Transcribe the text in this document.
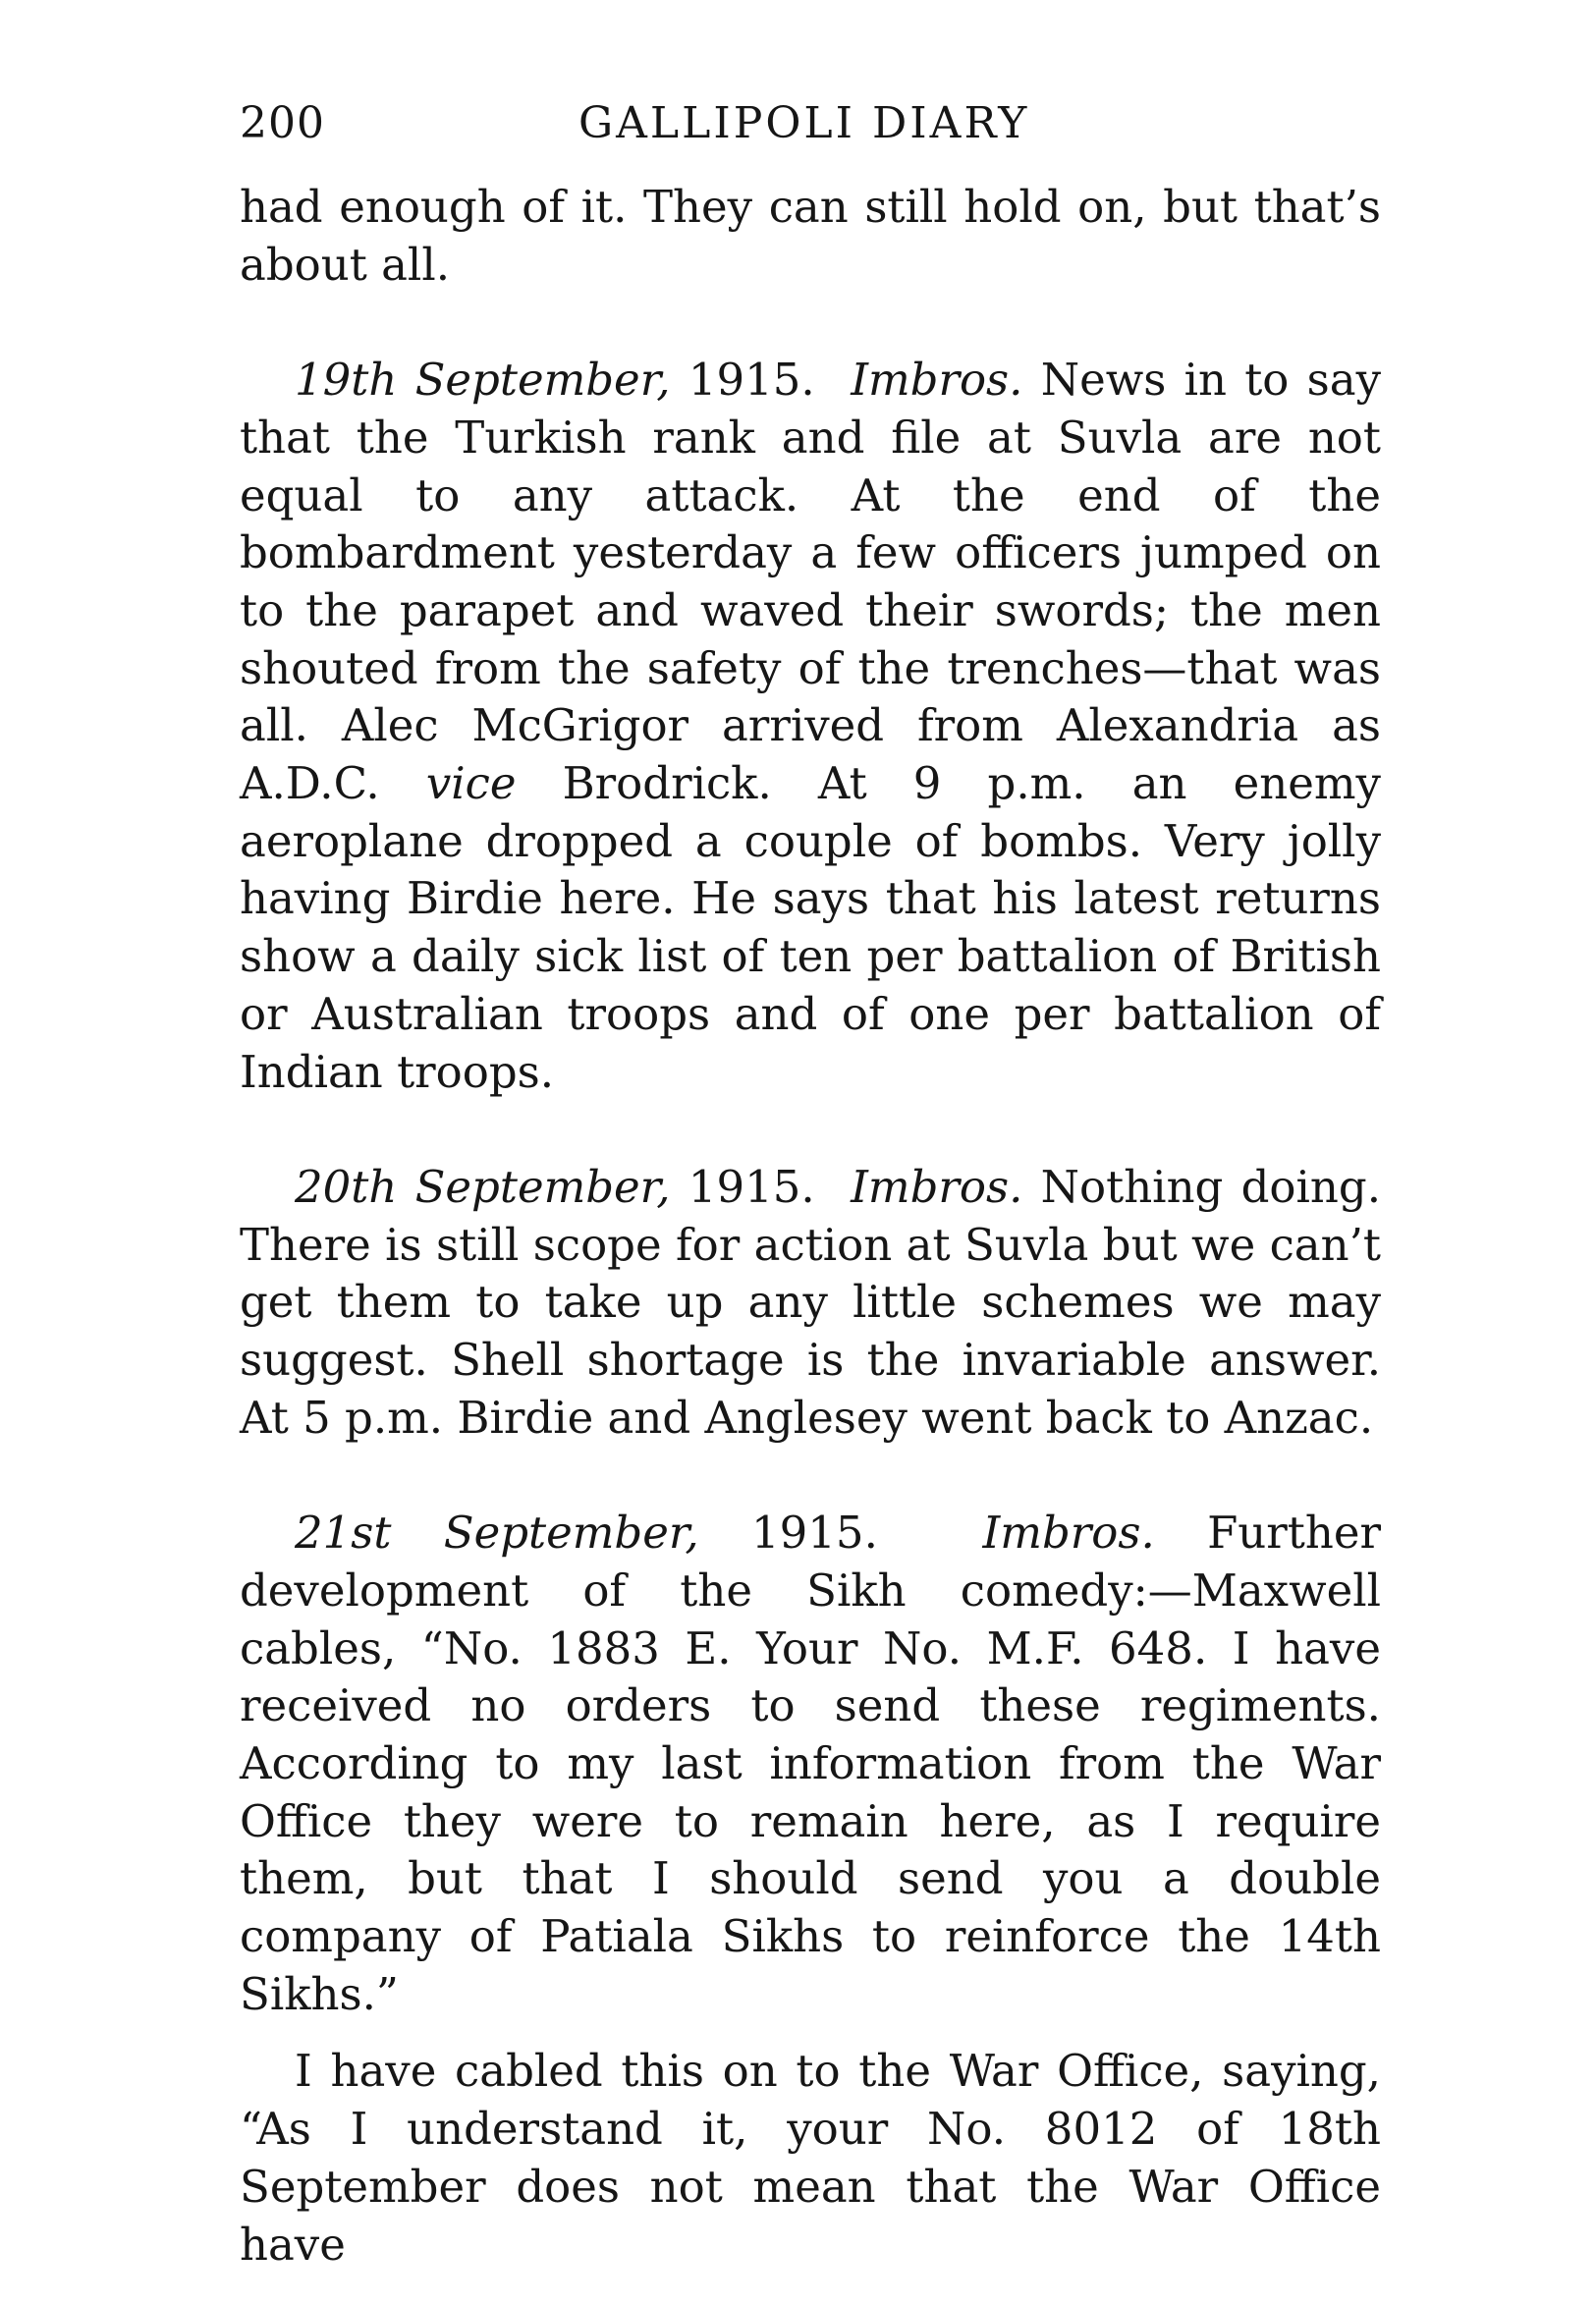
200	GALLIPOLI DIARY

had enough of it. They can still hold on, but that’s about all.

19th September, 1915. Imbros. News in to say that the Turkish rank and file at Suvla are not equal to any attack. At the end of the bombardment yesterday a few officers jumped on to the parapet and waved their swords; the men shouted from the safety of the trenches—that was all. Alec McGrigor arrived from Alexandria as A.D.C. vice Brodrick. At 9 p.m. an enemy aeroplane dropped a couple of bombs. Very jolly having Birdie here. He says that his latest returns show a daily sick list of ten per battalion of British or Australian troops and of one per battalion of Indian troops.

20th September, 1915. Imbros. Nothing doing. There is still scope for action at Suvla but we can’t get them to take up any little schemes we may suggest. Shell shortage is the invariable answer. At 5 p.m. Birdie and Anglesey went back to Anzac.

21st September, 1915. Imbros. Further development of the Sikh comedy:—Maxwell cables, “No. 1883 E. Your No. M.F. 648. I have received no orders to send these regiments. According to my last information from the War Office they were to remain here, as I require them, but that I should send you a double company of Patiala Sikhs to reinforce the 14th Sikhs.”

I have cabled this on to the War Office, saying, “As I understand it, your No. 8012 of 18th September does not mean that the War Office have
